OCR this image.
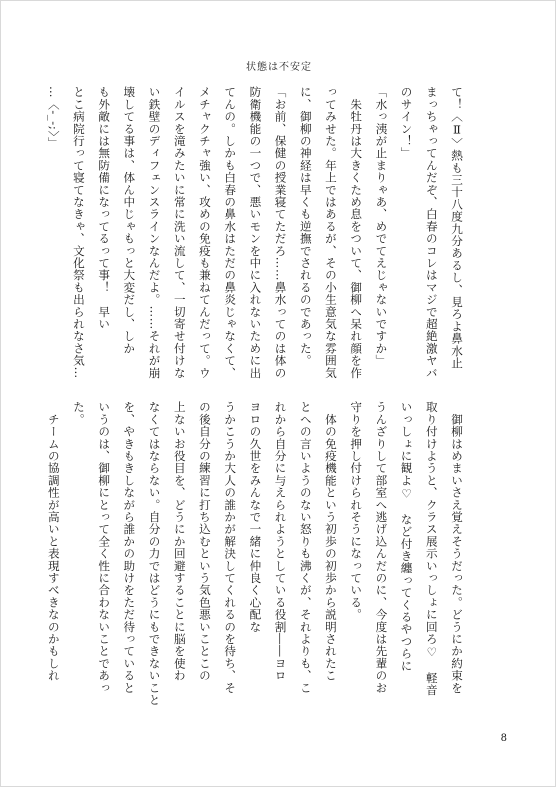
状態は不安定
て！〈Ⅱ〉熱も三十八度九分あるし、見ろよ鼻水止
まっちゃってんだぞ、白春のコレはマジで超絶激ヤバ
のサイン！」
「水っ洟が止まりゃあ、めでてえじゃないですか」
　朱牡丹は大きくため息をついて、御柳へ呆れ顔を作
ってみせた。年上ではあるが、その小生意気な雰囲気
に、御柳の神経は早くも逆撫でされるのであった。
「お前、保健の授業寝てただろ……鼻水ってのは体の
防衛機能の一つで、悪いモンを中に入れないために出
てんの。しかも白春の鼻水はただの鼻炎じゃなくて、
メチャクチャ強い、攻めの免疫も兼ねてんだって。ウ
イルスを滝みたいに常に洗い流して、一切寄せ付けな
い鉄壁のディフェンスラインなんだよ。……それが崩
壊してる事は、体ん中じゃもっと大変だし、しか
も外敵には無防備になってるって事！　早い
とこ病院行って寝てなきゃ、文化祭も出られなさ気…
…〈-_-;〉」
　御柳はめまいさえ覚えそうだった。どうにか約束を
取り付けようと、クラス展示いっしょに回ろ♡　軽音
いっしょに観よ♡　など付き纏ってくるやつらに
うんざりして部室へ逃げ込んだのに、今度は先輩のお
守りを押し付けられそうになっている。
　体の免疫機能という初歩の初歩から説明されたこ
とへの言いようのない怒りも沸くが、それよりも、こ
れから自分に与えられようとしている役割――ヨロ
ヨロの久世をみんなで一緒に仲良く心配な
うかこうか大人の誰かが解決してくれるのを待ち、そ
の後自分の練習に打ち込むという気色悪いことこの
上ないお役目を、どうにか回避することに脳を使わ
なくてはならない。自分の力ではどうにもできないこと
を、やきもきしながら誰かの助けをただ待っていると
いうのは、御柳にとって全く性に合わないことであっ
た。
　チームの協調性が高いと表現すべきなのかもしれ
8
